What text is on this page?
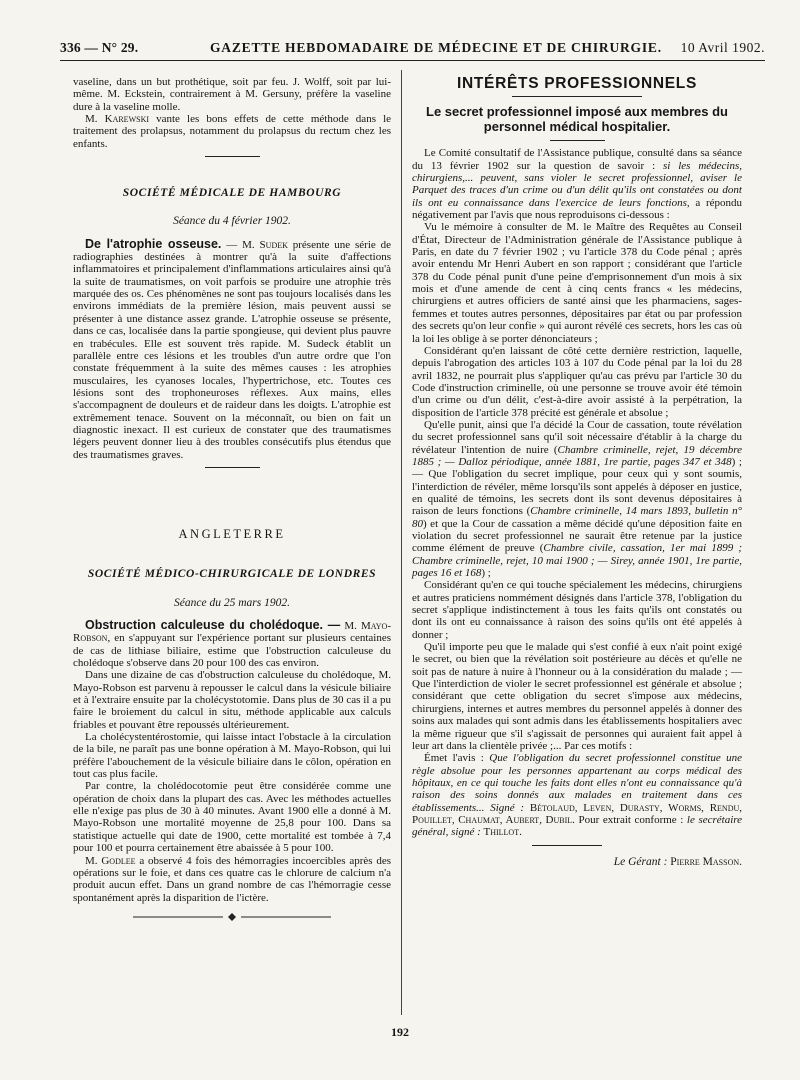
336 — N° 29.	GAZETTE HEBDOMADAIRE DE MÉDECINE ET DE CHIRURGIE. 10 Avril 1902.

vaseline, dans un but prothétique, soit par feu. J. Wolff, soit par lui-même. M. Eckstein, contrairement à M. Gersuny, préfère la vaseline dure à la vaseline molle.

M. Karewski vante les bons effets de cette méthode dans le traitement des prolapsus, notamment du prolapsus du rectum chez les enfants.

SOCIÉTÉ MÉDICALE DE HAMBOURG
Séance du 4 février 1902.

De l'atrophie osseuse. — M. Sudek présente une série de radiographies destinées à montrer qu'à la suite d'affections inflammatoires et principalement d'inflammations articulaires ainsi qu'à la suite de traumatismes, on voit parfois se produire une atrophie très marquée des os. Ces phénomènes ne sont pas toujours localisés dans les environs immédiats de la première lésion, mais peuvent aussi se présenter à une distance assez grande. L'atrophie osseuse se présente, dans ce cas, localisée dans la partie spongieuse, qui devient plus pauvre en trabécules. Elle est souvent très rapide. M. Sudeck établit un parallèle entre ces lésions et les troubles d'un autre ordre que l'on constate fréquemment à la suite des mêmes causes : les atrophies musculaires, les cyanoses locales, l'hypertrichose, etc. Toutes ces lésions sont des trophoneuroses réflexes. Aux mains, elles s'accompagnent de douleurs et de raideur dans les doigts. L'atrophie est extrêmement tenace. Souvent on la méconnaît, ou bien on fait un diagnostic inexact. Il est curieux de constater que des traumatismes légers peuvent donner lieu à des troubles consécutifs plus étendus que des traumatismes graves.

ANGLETERRE
SOCIÉTÉ MÉDICO-CHIRURGICALE DE LONDRES
Séance du 25 mars 1902.

Obstruction calculeuse du cholédoque. — M. Mayo-Robson, en s'appuyant sur l'expérience portant sur plusieurs centaines de cas de lithiase biliaire, estime que l'obstruction calculeuse du cholédoque s'observe dans 20 pour 100 des cas environ.

Dans une dizaine de cas d'obstruction calculeuse du cholédoque, M. Mayo-Robson est parvenu à repousser le calcul dans la vésicule biliaire et à l'extraire ensuite par la cholécystotomie. Dans plus de 30 cas il a pu faire le broiement du calcul in situ, méthode applicable aux calculs friables et pouvant être repoussés ultérieurement.

La cholécystentérostomie, qui laisse intact l'obstacle à la circulation de la bile, ne paraît pas une bonne opération à M. Mayo-Robson, qui lui préfère l'abouchement de la vésicule biliaire dans le côlon, opération en tout cas plus facile.

Par contre, la cholédocotomie peut être considérée comme une opération de choix dans la plupart des cas. Avec les méthodes actuelles elle n'exige pas plus de 30 à 40 minutes. Avant 1900 elle a donné à M. Mayo-Robson une mortalité moyenne de 25,8 pour 100. Dans sa statistique actuelle qui date de 1900, cette mortalité est tombée à 7,4 pour 100 et pourra certainement être abaissée à 5 pour 100.

M. Godlee a observé 4 fois des hémorragies incoercibles après des opérations sur le foie, et dans ces quatre cas le chlorure de calcium n'a produit aucun effet. Dans un grand nombre de cas l'hémorragie cesse spontanément après la disparition de l'ictère.

INTÉRÊTS PROFESSIONNELS
Le secret professionnel imposé aux membres du personnel médical hospitalier.

Le Comité consultatif de l'Assistance publique, consulté dans sa séance du 13 février 1902 sur la question de savoir : si les médecins, chirurgiens,... peuvent, sans violer le secret professionnel, aviser le Parquet des traces d'un crime ou d'un délit qu'ils ont constatées ou dont ils ont eu connaissance dans l'exercice de leurs fonctions, a répondu négativement par l'avis que nous reproduisons ci-dessous :

Vu le mémoire à consulter de M. le Maître des Requêtes au Conseil d'État, Directeur de l'Administration générale de l'Assistance publique à Paris, en date du 7 février 1902 ; vu l'article 378 du Code pénal ; après avoir entendu Mr Henri Aubert en son rapport ; considérant que l'article 378 du Code pénal punit d'une peine d'emprisonnement d'un mois à six mois et d'une amende de cent à cinq cents francs « les médecins, chirurgiens et autres officiers de santé ainsi que les pharmaciens, sages-femmes et toutes autres personnes, dépositaires par état ou par profession des secrets qu'on leur confie » qui auront révélé ces secrets, hors les cas où la loi les oblige à se porter dénonciateurs ;

Considérant qu'en laissant de côté cette dernière restriction, laquelle, depuis l'abrogation des articles 103 à 107 du Code pénal par la loi du 28 avril 1832, ne pourrait plus s'appliquer qu'au cas prévu par l'article 30 du Code d'instruction criminelle, où une personne se trouve avoir été témoin d'un crime ou d'un délit, c'est-à-dire avoir assisté à la perpétration, la disposition de l'article 378 précité est générale et absolue ;

Qu'elle punit, ainsi que l'a décidé la Cour de cassation, toute révélation du secret professionnel sans qu'il soit nécessaire d'établir à la charge du révélateur l'intention de nuire (Chambre criminelle, rejet, 19 décembre 1885 ; — Dalloz périodique, année 1881, 1re partie, pages 347 et 348) ; — Que l'obligation du secret implique, pour ceux qui y sont soumis, l'interdiction de révéler, même lorsqu'ils sont appelés à déposer en justice, en qualité de témoins, les secrets dont ils sont devenus dépositaires à raison de leurs fonctions (Chambre criminelle, 14 mars 1893, bulletin n° 80) et que la Cour de cassation a même décidé qu'une déposition faite en violation du secret professionnel ne saurait être retenue par la justice comme élément de preuve (Chambre civile, cassation, 1er mai 1899 ; Chambre criminelle, rejet, 10 mai 1900 ; — Sirey, année 1901, 1re partie, pages 16 et 168) ;

Considérant qu'en ce qui touche spécialement les médecins, chirurgiens et autres praticiens nommément désignés dans l'article 378, l'obligation du secret s'applique indistinctement à tous les faits qu'ils ont constatés ou dont ils ont eu connaissance à raison des soins qu'ils ont été appelés à donner ;

Qu'il importe peu que le malade qui s'est confié à eux n'ait point exigé le secret, ou bien que la révélation soit postérieure au décès et qu'elle ne soit pas de nature à nuire à l'honneur ou à la considération du malade ; — Que l'interdiction de violer le secret professionnel est générale et absolue ; considérant que cette obligation du secret s'impose aux médecins, chirurgiens, internes et autres membres du personnel appelés à donner des soins aux malades qui sont admis dans les établissements hospitaliers avec la même rigueur que s'il s'agissait de personnes qui auraient fait appel à leur art dans la clientèle privée ;... Par ces motifs :

Émet l'avis : Que l'obligation du secret professionnel constitue une règle absolue pour les personnes appartenant au corps médical des hôpitaux, en ce qui touche les faits dont elles n'ont eu connaissance qu'à raison des soins donnés aux malades en traitement dans ces établissements... Signé : Bétolaud, Leven, Durasty, Worms, Rendu, Pouillet, Chaumat, Aubert, Dubil. Pour extrait conforme : le secrétaire général, signé : Thillot.

Le Gérant : Pierre Masson.
192
